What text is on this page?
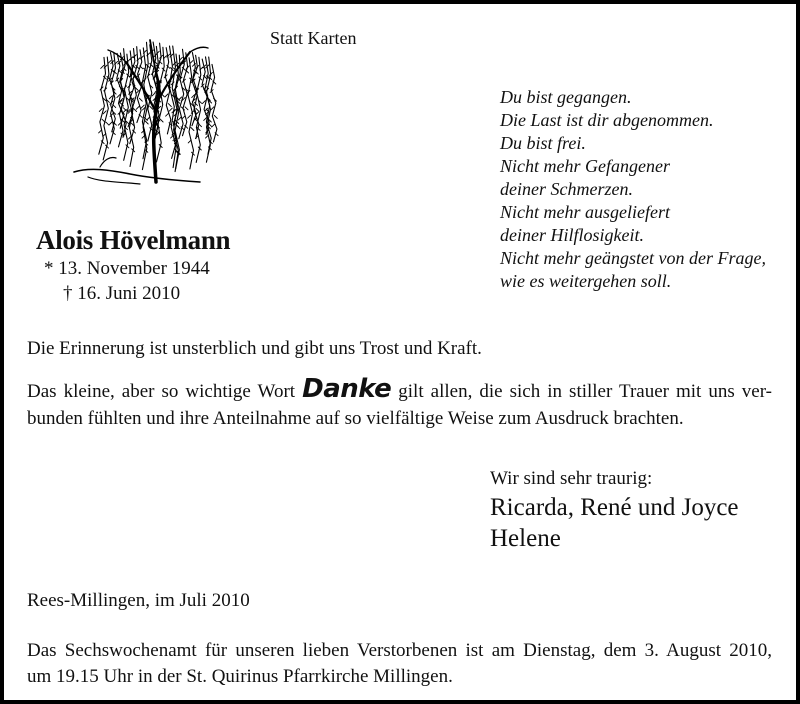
Statt Karten
Alois Hövelmann
* 13. November 1944
† 16. Juni 2010
Du bist gegangen.
Die Last ist dir abgenommen.
Du bist frei.
Nicht mehr Gefangener
deiner Schmerzen.
Nicht mehr ausgeliefert
deiner Hilflosigkeit.
Nicht mehr geängstet von der Frage,
wie es weitergehen soll.
Die Erinnerung ist unsterblich und gibt uns Trost und Kraft.
Das kleine, aber so wichtige Wort Danke gilt allen, die sich in stiller Trauer mit uns ver-
bunden fühlten und ihre Anteilnahme auf so vielfältige Weise zum Ausdruck brachten.
Wir sind sehr traurig:
Ricarda, René und Joyce
Helene
Rees-Millingen, im Juli 2010
Das Sechswochenamt für unseren lieben Verstorbenen ist am Dienstag, dem 3. August 2010,
um 19.15 Uhr in der St. Quirinus Pfarrkirche Millingen.
